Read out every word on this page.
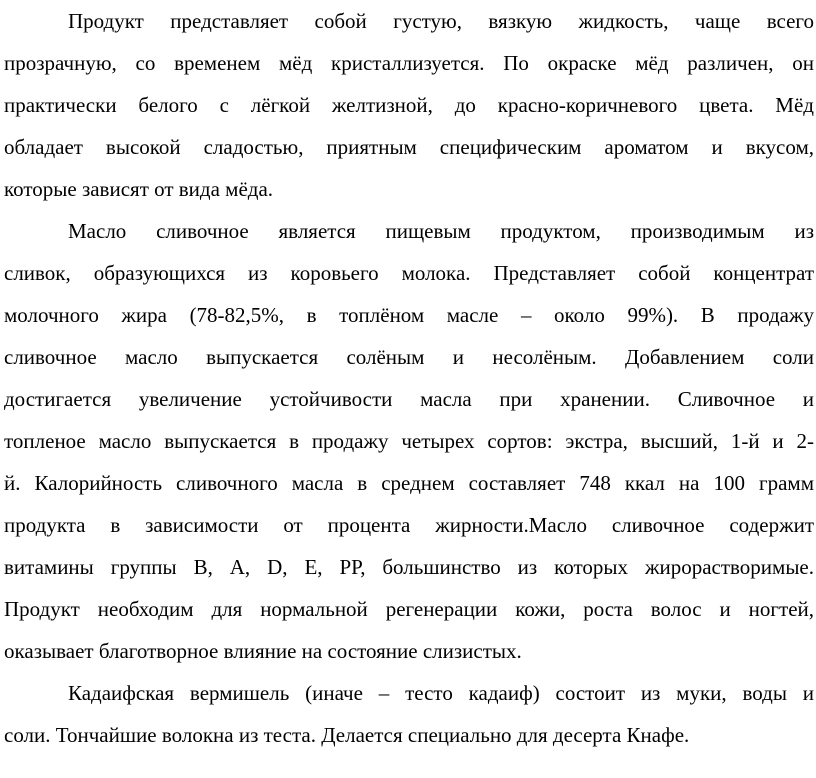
Продукт представляет собой густую, вязкую жидкость, чаще всего
прозрачную, со временем мёд кристаллизуется. По окраске мёд различен, он
практически белого с лёгкой желтизной, до красно-коричневого цвета. Мёд
обладает высокой сладостью, приятным специфическим ароматом и вкусом,
которые зависят от вида мёда.
Масло сливочное является пищевым продуктом, производимым из
сливок, образующихся из коровьего молока. Представляет собой концентрат
молочного жира (78-82,5%, в топлёном масле – около 99%). В продажу
сливочное масло выпускается солёным и несолёным. Добавлением соли
достигается увеличение устойчивости масла при хранении. Сливочное и
топленое масло выпускается в продажу четырех сортов: экстра, высший, 1-й и 2-
й. Калорийность сливочного масла в среднем составляет 748 ккал на 100 грамм
продукта в зависимости от процента жирности.Масло сливочное содержит
витамины группы В, А, D, Е, РР, большинство из которых жирорастворимые.
Продукт необходим для нормальной регенерации кожи, роста волос и ногтей,
оказывает благотворное влияние на состояние слизистых.
Кадаифская вермишель (иначе – тесто кадаиф) состоит из муки, воды и
соли. Тончайшие волокна из теста. Делается специально для десерта Кнафе.
